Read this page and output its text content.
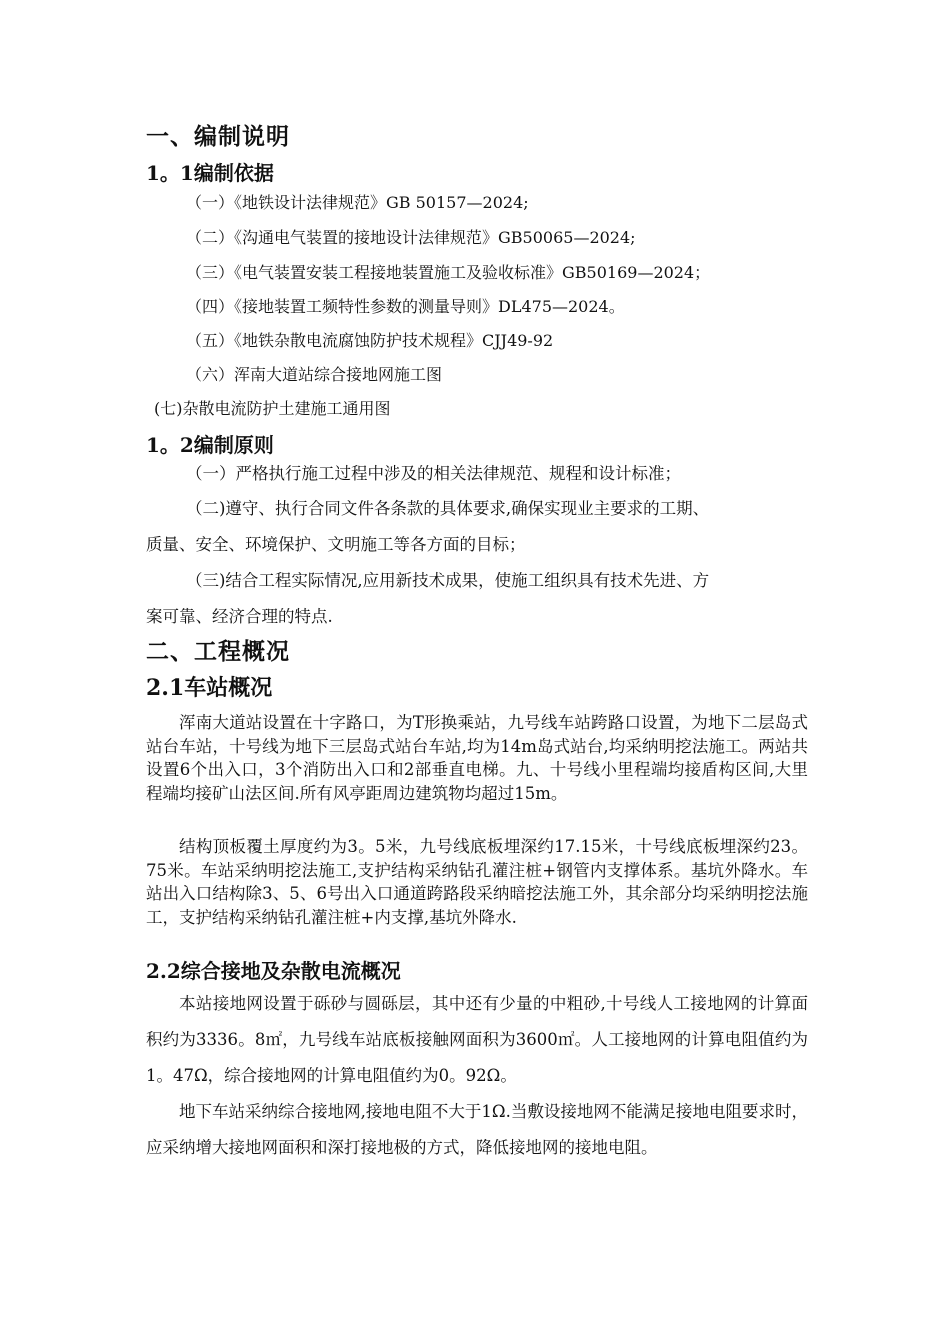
一、编制说明
1。1编制依据
（一）《地铁设计法律规范》GB 50157—2024;
（二）《沟通电气装置的接地设计法律规范》GB50065—2024;
（三）《电气装置安装工程接地装置施工及验收标准》GB50169—2024；
（四）《接地装置工频特性参数的测量导则》DL475—2024。
（五）《地铁杂散电流腐蚀防护技术规程》CJJ49-92
（六）浑南大道站综合接地网施工图
(七)杂散电流防护土建施工通用图
1。2编制原则
（一）严格执行施工过程中涉及的相关法律规范、规程和设计标准；
（二)遵守、执行合同文件各条款的具体要求,确保实现业主要求的工期、
质量、安全、环境保护、文明施工等各方面的目标；
（三)结合工程实际情况,应用新技术成果，使施工组织具有技术先进、方
案可靠、经济合理的特点.
二、工程概况
2.1车站概况

浑南大道站设置在十字路口，为T形换乘站，九号线车站跨路口设置，为地下二层岛式站台车站，十号线为地下三层岛式站台车站,均为14m岛式站台,均采纳明挖法施工。两站共设置6个出入口，3个消防出入口和2部垂直电梯。九、十号线小里程端均接盾构区间,大里程端均接矿山法区间.所有风亭距周边建筑物均超过15m。

结构顶板覆土厚度约为3。5米，九号线底板埋深约17.15米，十号线底板埋深约23。75米。车站采纳明挖法施工,支护结构采纳钻孔灌注桩+钢管内支撑体系。基坑外降水。车站出入口结构除3、5、6号出入口通道跨路段采纳暗挖法施工外，其余部分均采纳明挖法施工，支护结构采纳钻孔灌注桩+内支撑,基坑外降水.

2.2综合接地及杂散电流概况

本站接地网设置于砾砂与圆砾层，其中还有少量的中粗砂,十号线人工接地网的计算面积约为3336。8㎡，九号线车站底板接触网面积为3600㎡。人工接地网的计算电阻值约为1。47Ω，综合接地网的计算电阻值约为0。92Ω。

地下车站采纳综合接地网,接地电阻不大于1Ω.当敷设接地网不能满足接地电阻要求时，应采纳增大接地网面积和深打接地极的方式，降低接地网的接地电阻。
